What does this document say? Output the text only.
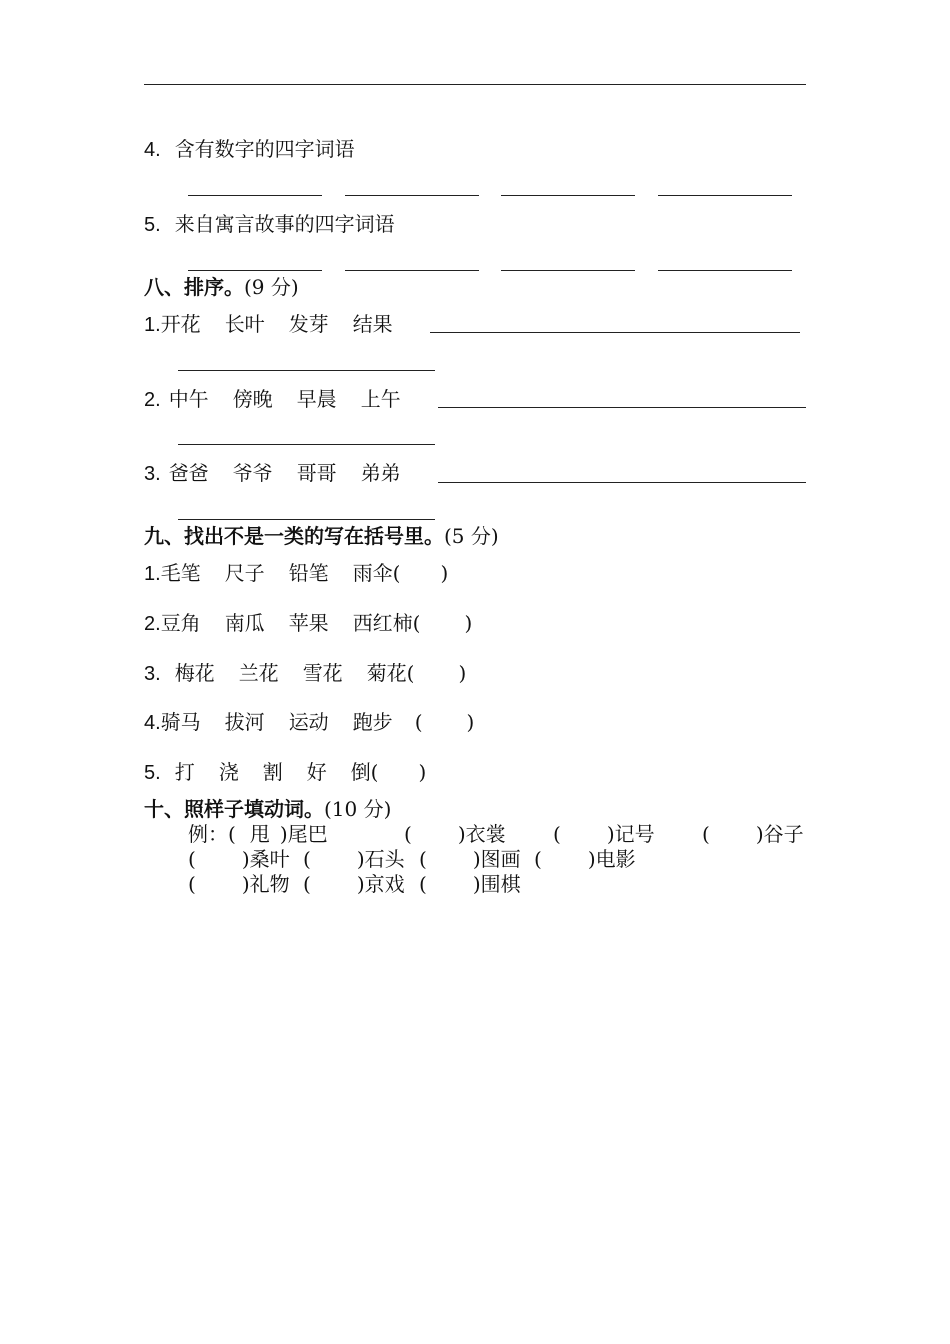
4. 含有数字的四字词语
5. 来自寓言故事的四字词语
八、排序。(9 分)
1.开花 长叶 发芽 结果
2. 中午 傍晚 早晨 上午
3. 爸爸 爷爷 哥哥 弟弟
九、找出不是一类的写在括号里。(5 分)
1.毛笔 尺子 铅笔 雨伞( )
2.豆角 南瓜 苹果 西红柿( )
3. 梅花 兰花 雪花 菊花( )
4.骑马 拔河 运动 跑步 ( )
5. 打 浇 割 好 倒( )
十、照样子填动词。(10 分)
例：( 甩 )尾巴	( )衣裳 ( )记号 ( )谷子
( )桑叶 ( )石头 ( )图画 ( )电影
( )礼物 ( )京戏 ( )围棋
